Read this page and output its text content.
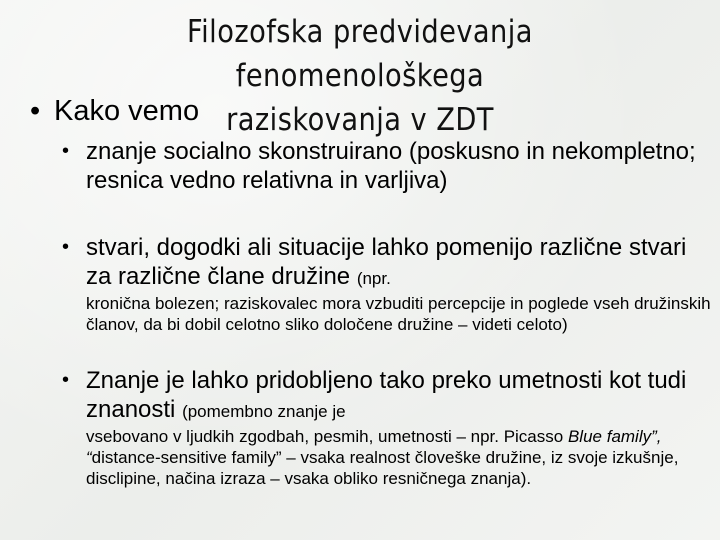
Filozofska predvidevanja fenomenološkega
raziskovanja v ZDT
• Kako vemo
• znanje socialno skonstruirano (poskusno in nekompletno; resnica vedno relativna in varljiva)
• stvari, dogodki ali situacije lahko pomenijo različne stvari za različne člane družine (npr.
kronična bolezen; raziskovalec mora vzbuditi percepcije in poglede vseh družinskih članov, da bi dobil celotno sliko določene družine – videti celoto)
• Znanje je lahko pridobljeno tako preko umetnosti kot tudi znanosti (pomembno znanje je
vsebovano v ljudkih zgodbah, pesmih, umetnosti – npr. Picasso Blue family”, “distance-sensitive family” – vsaka realnost človeške družine, iz svoje izkušnje, disclipine, načina izraza – vsaka obliko resničnega znanja).
